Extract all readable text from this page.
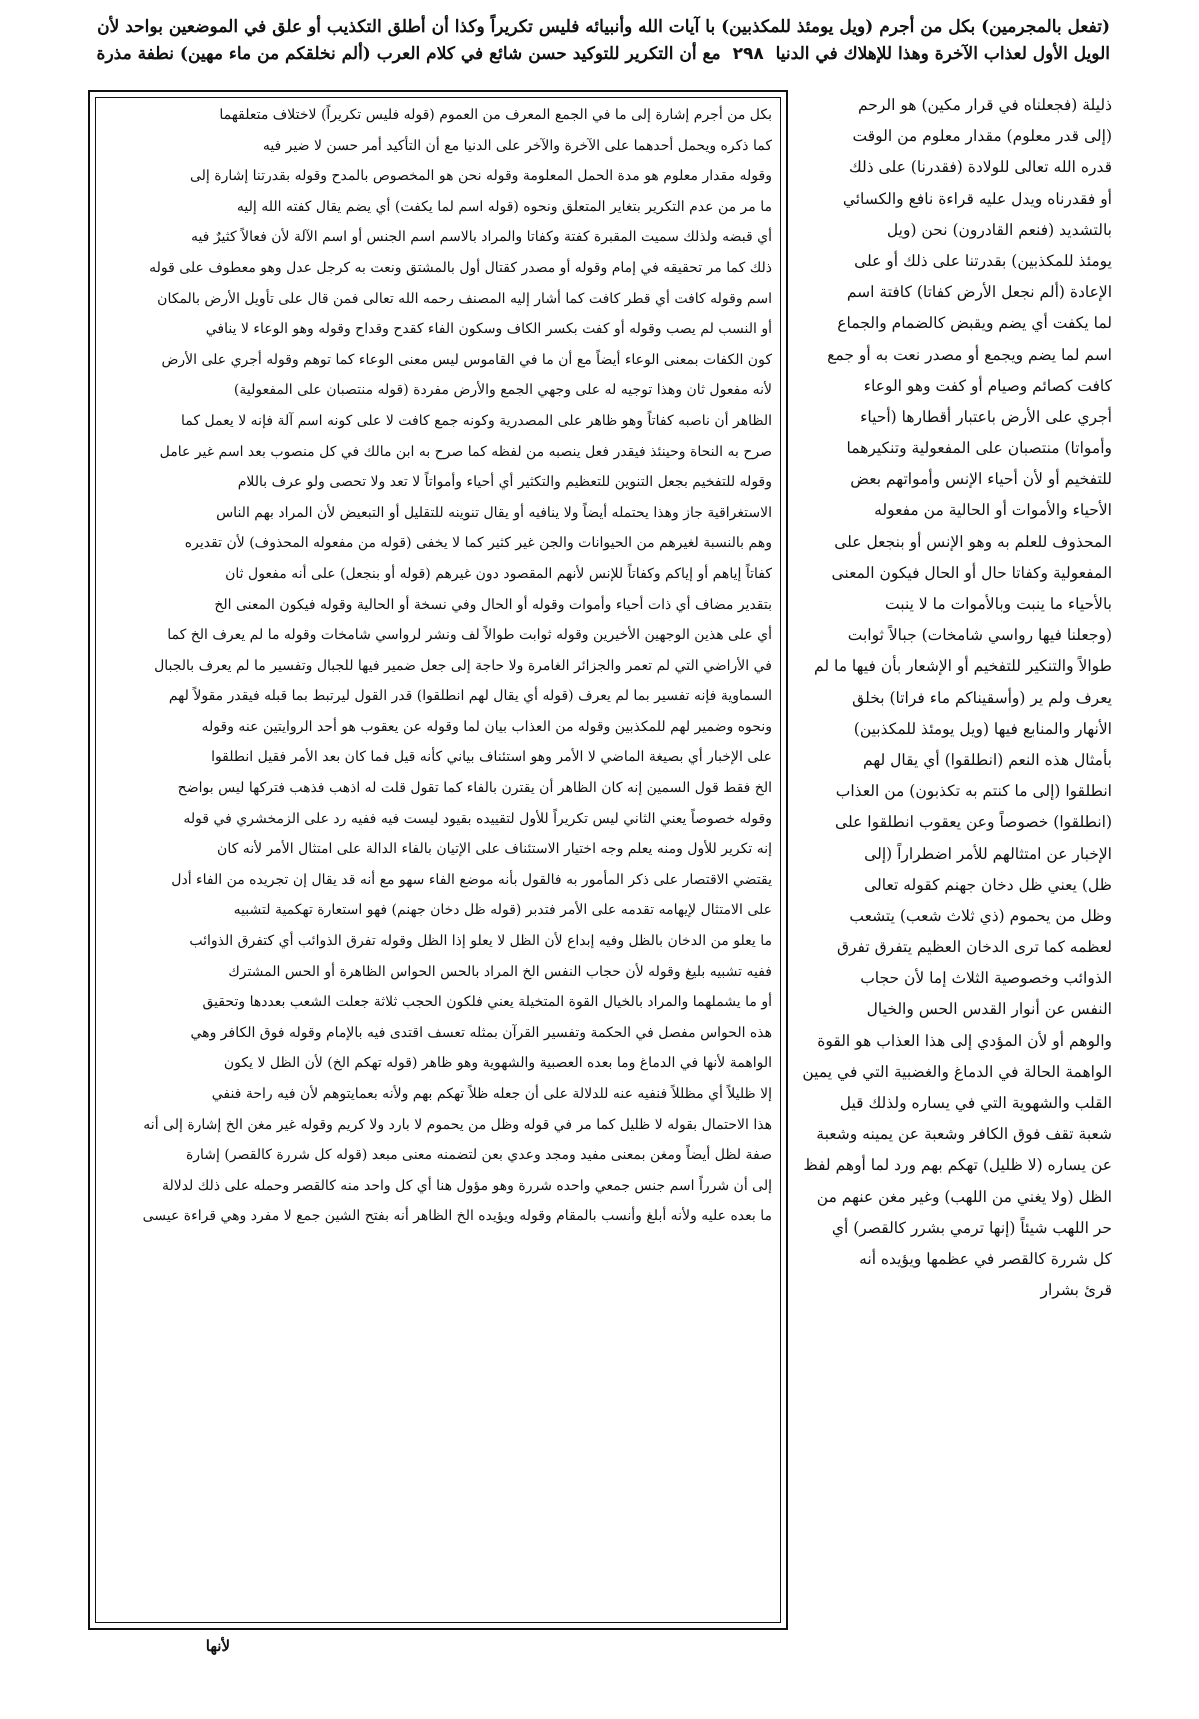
(تفعل بالمجرمين) بكل من أجرم (ويل يومئذ للمكذبين) با آيات الله وأنبيائه فليس تكريراً وكذا أن أطلق التكذيب أو علق في الموضعين بواحد لأن
الويل الأول لعذاب الآخرة وهذا للإهلاك في الدنيا ٢٩٨ مع أن التكرير للتوكيد حسن شائع في كلام العرب (ألم نخلقكم من ماء مهين) نطفة مذرة
ذليلة (فجعلناه في قرار مكين) هو الرحم
(إلى قدر معلوم) مقدار معلوم من الوقت
قدره الله تعالى للولادة (فقدرنا) على ذلك
أو فقدرناه ويدل عليه قراءة نافع والكسائي
بالتشديد (فنعم القادرون) نحن (ويل
يومئذ للمكذبين) بقدرتنا على ذلك أو على
الإعادة (ألم نجعل الأرض كفاتا) كافتة اسم
لما يكفت أي يضم ويقبض كالضمام والجماع
اسم لما يضم ويجمع أو مصدر نعت به أو جمع
كافت كصائم وصيام أو كفت وهو الوعاء
أجري على الأرض باعتبار أقطارها (أحياء
وأمواتا) منتصبان على المفعولية وتنكيرهما
للتفخيم أو لأن أحياء الإنس وأمواتهم بعض
الأحياء والأموات أو الحالية من مفعوله
المحذوف للعلم به وهو الإنس أو بنجعل على
المفعولية وكفاتا حال أو الحال فيكون المعنى
بالأحياء ما ينبت وبالأموات ما لا ينبت
(وجعلنا فيها رواسي شامخات) جبالاً ثوابت
طوالاً والتنكير للتفخيم أو الإشعار بأن فيها ما لم
يعرف ولم ير (وأسقيناكم ماء فراتا) بخلق
الأنهار والمنابع فيها (ويل يومئذ للمكذبين)
بأمثال هذه النعم (انطلقوا) أي يقال لهم
انطلقوا (إلى ما كنتم به تكذبون) من العذاب
(انطلقوا) خصوصاً وعن يعقوب انطلقوا على
الإخبار عن امتثالهم للأمر اضطراراً (إلى
ظل) يعني ظل دخان جهنم كقوله تعالى
وظل من يحموم (ذي ثلاث شعب) يتشعب
لعظمه كما ترى الدخان العظيم يتفرق تفرق
الذوائب وخصوصية الثلاث إما لأن حجاب
النفس عن أنوار القدس الحس والخيال
والوهم أو لأن المؤدي إلى هذا العذاب هو القوة
الواهمة الحالة في الدماغ والغضبية التي في يمين
القلب والشهوية التي في يساره ولذلك قيل
شعبة تقف فوق الكافر وشعبة عن يمينه وشعبة
عن يساره (لا ظليل) تهكم بهم ورد لما أوهم لفظ
الظل (ولا يغني من اللهب) وغير مغن عنهم من
حر اللهب شيئاً (إنها ترمي بشرر كالقصر) أي
كل شررة كالقصر في عظمها ويؤيده أنه
قرئ بشرار
بكل من أجرم إشارة إلى ما في الجمع المعرف من العموم (قوله فليس تكريراً) لاختلاف متعلقهما
كما ذكره ويحمل أحدهما على الآخرة والآخر على الدنيا مع أن التأكيد أمر حسن لا ضير فيه
وقوله مقدار معلوم هو مدة الحمل المعلومة وقوله نحن هو المخصوص بالمدح وقوله بقدرتنا إشارة إلى
ما مر من عدم التكرير بتغاير المتعلق ونحوه (قوله اسم لما يكفت) أي يضم يقال كفته الله إليه
أي قبضه ولذلك سميت المقبرة كفتة وكفاتا والمراد بالاسم اسم الجنس أو اسم الآلة لأن فعالاً كثيرٌ فيه
ذلك كما مر تحقيقه في إمام وقوله أو مصدر كقتال أول بالمشتق ونعت به كرجل عدل وهو معطوف على قوله
اسم وقوله كافت أي قطر كافت كما أشار إليه المصنف رحمه الله تعالى فمن قال على تأويل الأرض بالمكان
أو النسب لم يصب وقوله أو كفت بكسر الكاف وسكون الفاء كقدح وقداح وقوله وهو الوعاء لا ينافي
كون الكفات بمعنى الوعاء أيضاً مع أن ما في القاموس ليس معنى الوعاء كما توهم وقوله أجري على الأرض
لأنه مفعول ثان وهذا توجيه له على وجهي الجمع والأرض مفردة (قوله منتصبان على المفعولية)
الظاهر أن ناصبه كفاتاً وهو ظاهر على المصدرية وكونه جمع كافت لا على كونه اسم آلة فإنه لا يعمل كما
صرح به النحاة وحينئذ فيقدر فعل ينصبه من لفظه كما صرح به ابن مالك في كل منصوب بعد اسم غير عامل
وقوله للتفخيم بجعل التنوين للتعظيم والتكثير أي أحياء وأمواتاً لا تعد ولا تحصى ولو عرف باللام
الاستغراقية جاز وهذا يحتمله أيضاً ولا ينافيه أو يقال تنوينه للتقليل أو التبعيض لأن المراد بهم الناس
وهم بالنسبة لغيرهم من الحيوانات والجن غير كثير كما لا يخفى (قوله من مفعوله المحذوف) لأن تقديره
كفاتاً إياهم أو إياكم وكفاتاً للإنس لأنهم المقصود دون غيرهم (قوله أو بنجعل) على أنه مفعول ثان
بتقدير مضاف أي ذات أحياء وأموات وقوله أو الحال وفي نسخة أو الحالية وقوله فيكون المعنى الخ
أي على هذين الوجهين الأخيرين وقوله ثوابت طوالاً لف ونشر لرواسي شامخات وقوله ما لم يعرف الخ كما
في الأراضي التي لم تعمر والجزائر الغامرة ولا حاجة إلى جعل ضمير فيها للجبال وتفسير ما لم يعرف بالجبال
السماوية فإنه تفسير بما لم يعرف (قوله أي يقال لهم انطلقوا) قدر القول ليرتبط بما قبله فيقدر مقولاً لهم
ونحوه وضمير لهم للمكذبين وقوله من العذاب بيان لما وقوله عن يعقوب هو أحد الروايتين عنه وقوله
على الإخبار أي بصيغة الماضي لا الأمر وهو استئناف بياني كأنه قيل فما كان بعد الأمر فقيل انطلقوا
الخ فقط قول السمين إنه كان الظاهر أن يقترن بالفاء كما تقول قلت له اذهب فذهب فتركها ليس بواضح
وقوله خصوصاً يعني الثاني ليس تكريراً للأول لتقييده بقيود ليست فيه ففيه رد على الزمخشري في قوله
إنه تكرير للأول ومنه يعلم وجه اختيار الاستئناف على الإتيان بالفاء الدالة على امتثال الأمر لأنه كان
يقتضي الاقتصار على ذكر المأمور به فالقول بأنه موضع الفاء سهو مع أنه قد يقال إن تجريده من الفاء أدل
على الامتثال لإيهامه تقدمه على الأمر فتدبر (قوله ظل دخان جهنم) فهو استعارة تهكمية لتشبيه
ما يعلو من الدخان بالظل وفيه إبداع لأن الظل لا يعلو إذا الظل وقوله تفرق الذوائب أي كتفرق الذوائب
ففيه تشبيه بليغ وقوله لأن حجاب النفس الخ المراد بالحس الحواس الظاهرة أو الحس المشترك
أو ما يشملهما والمراد بالخيال القوة المتخيلة يعني فلكون الحجب ثلاثة جعلت الشعب بعددها وتحقيق
هذه الحواس مفصل في الحكمة وتفسير القرآن بمثله تعسف اقتدى فيه بالإمام وقوله فوق الكافر وهي
الواهمة لأنها في الدماغ وما بعده العصبية والشهوية وهو ظاهر (قوله تهكم الخ) لأن الظل لا يكون
إلا ظليلاً أي مظللاً فنفيه عنه للدلالة على أن جعله ظلاً تهكم بهم ولأنه بعمايتوهم لأن فيه راحة فنفي
هذا الاحتمال بقوله لا ظليل كما مر في قوله وظل من يحموم لا بارد ولا كريم وقوله غير مغن الخ إشارة إلى أنه
صفة لظل أيضاً ومغن بمعنى مفيد ومجد وعدي بعن لتضمنه معنى مبعد (قوله كل شررة كالقصر) إشارة
إلى أن شرراً اسم جنس جمعي واحده شررة وهو مؤول هنا أي كل واحد منه كالقصر وحمله على ذلك لدلالة
ما بعده عليه ولأنه أبلغ وأنسب بالمقام وقوله ويؤيده الخ الظاهر أنه بفتح الشين جمع لا مفرد وهي قراءة عيسى
لأنها
